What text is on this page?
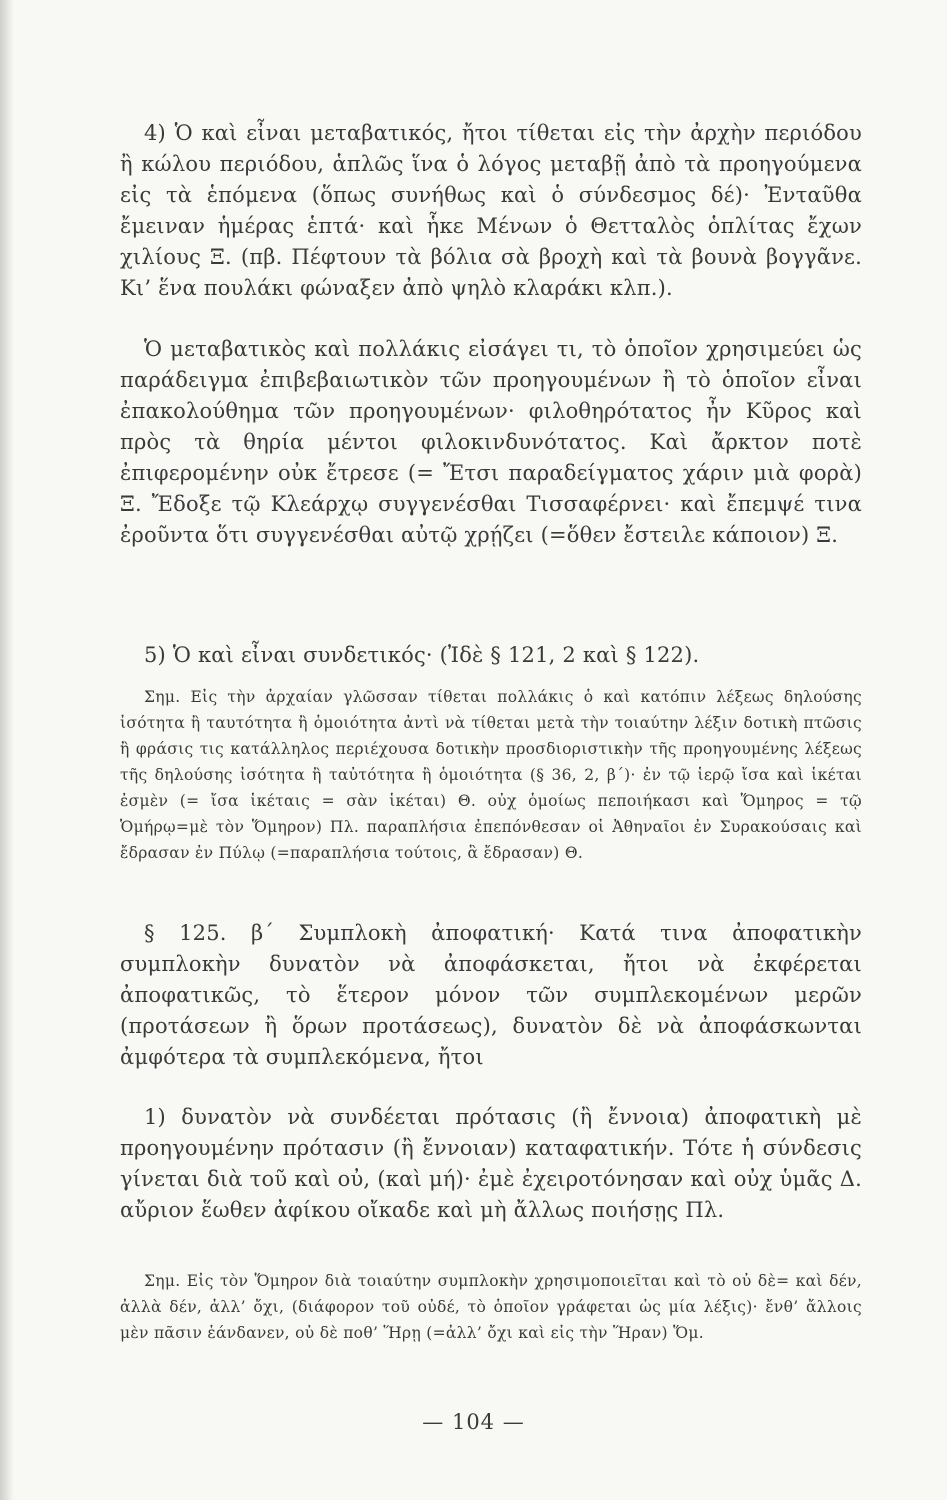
4) Ὁ καὶ εἶναι μεταβατικός, ἤτοι τίθεται εἰς τὴν ἀρχὴν περιόδου ἢ κώλου περιόδου, ἁπλῶς ἵνα ὁ λόγος μεταβῇ ἀπὸ τὰ προηγούμενα εἰς τὰ ἑπόμενα (ὅπως συνήθως καὶ ὁ σύνδεσμος δέ)· Ἐνταῦθα ἔμειναν ἡμέρας ἑπτά· καὶ ἧκε Μένων ὁ Θετταλὸς ὁπλίτας ἔχων χιλίους Ξ. (πβ. Πέφτουν τὰ βόλια σὰ βροχὴ καὶ τὰ βουνὰ βογγᾶνε. Κι’ ἕνα πουλάκι φώναξεν ἀπὸ ψηλὸ κλαράκι κλπ.).
Ὁ μεταβατικὸς καὶ πολλάκις εἰσάγει τι, τὸ ὁποῖον χρησιμεύει ὡς παράδειγμα ἐπιβεβαιωτικὸν τῶν προηγουμένων ἢ τὸ ὁποῖον εἶναι ἐπακολούθημα τῶν προηγουμένων· φιλοθηρότατος ἦν Κῦρος καὶ πρὸς τὰ θηρία μέντοι φιλοκινδυνότατος. Καὶ ἄρκτον ποτὲ ἐπιφερομένην οὐκ ἔτρεσε (= Ἔτσι παραδείγματος χάριν μιὰ φορὰ) Ξ. Ἔδοξε τῷ Κλεάρχῳ συγγενέσθαι Τισσαφέρνει· καὶ ἔπεμψέ τινα ἐροῦντα ὅτι συγγενέσθαι αὐτῷ χρῄζει (=ὅθεν ἔστειλε κάποιον) Ξ.
5) Ὁ καὶ εἶναι συνδετικός· (Ἰδὲ § 121, 2 καὶ § 122).
Σημ. Εἰς τὴν ἀρχαίαν γλῶσσαν τίθεται πολλάκις ὁ καὶ κατόπιν λέξεως δηλούσης ἰσότητα ἢ ταυτότητα ἢ ὁμοιότητα ἀντὶ νὰ τίθεται μετὰ τὴν τοιαύτην λέξιν δοτικὴ πτῶσις ἢ φράσις τις κατάλληλος περιέχουσα δοτικὴν προσδιοριστικὴν τῆς προηγουμένης λέξεως τῆς δηλούσης ἰσότητα ἢ ταὐτότητα ἢ ὁμοιότητα (§ 36, 2, β΄)· ἐν τῷ ἱερῷ ἴσα καὶ ἱκέται ἐσμὲν (= ἴσα ἱκέταις = σὰν ἱκέται) Θ. οὐχ ὁμοίως πεποιήκασι καὶ Ὅμηρος = τῷ Ὁμήρῳ=μὲ τὸν Ὅμηρον) Πλ. παραπλήσια ἐπεπόνθεσαν οἱ Ἀθηναῖοι ἐν Συρακούσαις καὶ ἔδρασαν ἐν Πύλῳ (=παραπλήσια τούτοις, ἃ ἔδρασαν) Θ.
§ 125. β΄ Συμπλοκὴ ἀποφατική· Κατά τινα ἀποφατικὴν συμπλοκὴν δυνατὸν νὰ ἀποφάσκεται, ἤτοι νὰ ἐκφέρεται ἀποφατικῶς, τὸ ἕτερον μόνον τῶν συμπλεκομένων μερῶν (προτάσεων ἢ ὅρων προτάσεως), δυνατὸν δὲ νὰ ἀποφάσκωνται ἀμφότερα τὰ συμπλεκόμενα, ἤτοι
1) δυνατὸν νὰ συνδέεται πρότασις (ἢ ἔννοια) ἀποφατικὴ μὲ προηγουμένην πρότασιν (ἢ ἔννοιαν) καταφατικήν. Τότε ἡ σύνδεσις γίνεται διὰ τοῦ καὶ οὐ, (καὶ μή)· ἐμὲ ἐχειροτόνησαν καὶ οὐχ ὑμᾶς Δ. αὔριον ἕωθεν ἀφίκου οἴκαδε καὶ μὴ ἄλλως ποιήσῃς Πλ.
Σημ. Εἰς τὸν Ὅμηρον διὰ τοιαύτην συμπλοκὴν χρησιμοποιεῖται καὶ τὸ οὐ δὲ= καὶ δέν, ἀλλὰ δέν, ἀλλ’ ὄχι, (διάφορον τοῦ οὐδέ, τὸ ὁποῖον γράφεται ὡς μία λέξις)· ἔνθ’ ἄλλοις μὲν πᾶσιν ἑάνδανεν, οὐ δὲ ποθ’ Ἥρῃ (=ἀλλ’ ὄχι καὶ εἰς τὴν Ἥραν) Ὅμ.
— 104 —
